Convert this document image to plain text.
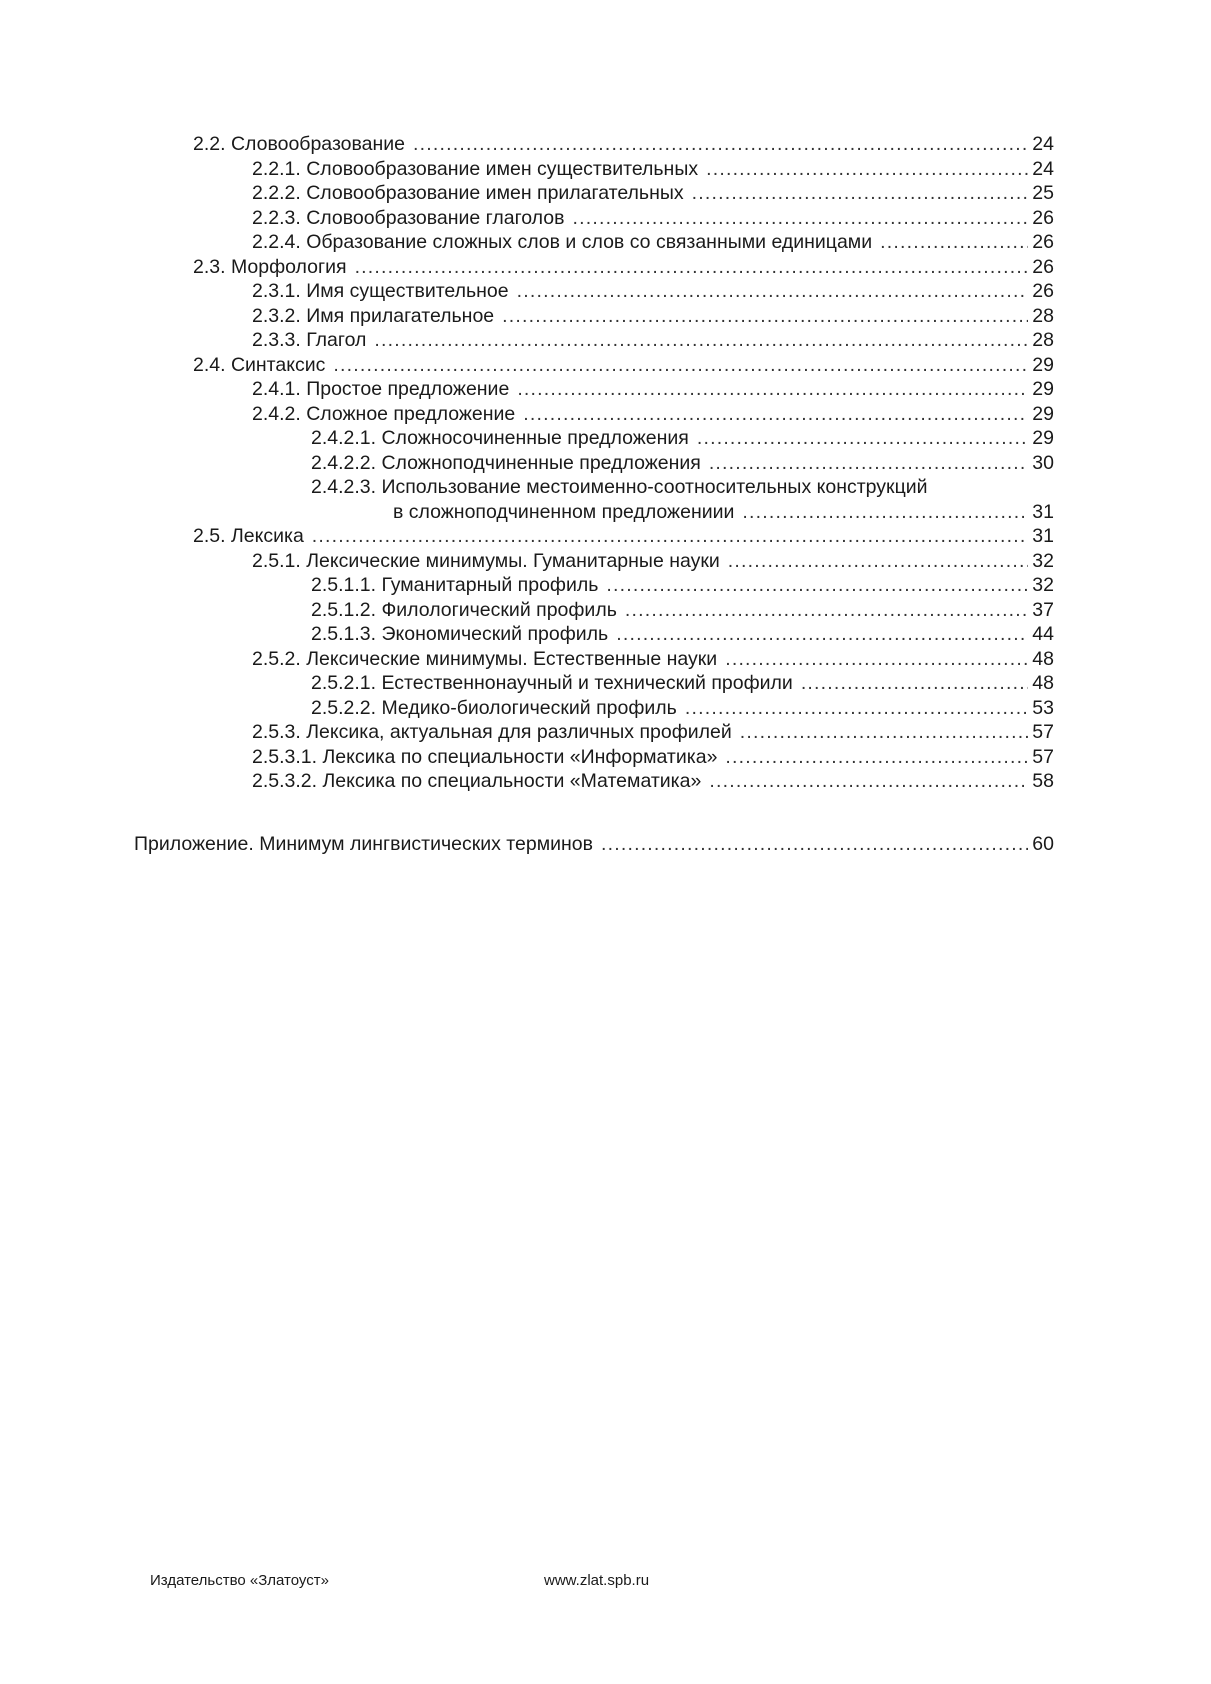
2.2. Словообразование .....	24
2.2.1. Словообразование имен существительных .....	24
2.2.2. Словообразование имен прилагательных .....	25
2.2.3. Словообразование глаголов .....	26
2.2.4. Образование сложных слов и слов со связанными единицами .....	26
2.3. Морфология .....	26
2.3.1. Имя существительное .....	26
2.3.2. Имя прилагательное .....	28
2.3.3. Глагол .....	28
2.4. Синтаксис .....	29
2.4.1. Простое предложение .....	29
2.4.2. Сложное предложение .....	29
2.4.2.1. Сложносочиненные предложения .....	29
2.4.2.2. Сложноподчиненные предложения .....	30
2.4.2.3. Использование местоименно-соотносительных конструкций
в сложноподчиненном предложениии .....	31
2.5. Лексика .....	31
2.5.1. Лексические минимумы. Гуманитарные науки .....	32
2.5.1.1. Гуманитарный профиль .....	32
2.5.1.2. Филологический профиль .....	37
2.5.1.3. Экономический профиль .....	44
2.5.2. Лексические минимумы. Естественные науки .....	48
2.5.2.1. Естественнонаучный и технический профили .....	48
2.5.2.2. Медико-биологический профиль .....	53
2.5.3. Лексика, актуальная для различных профилей .....	57
2.5.3.1. Лексика по специальности «Информатика» .....	57
2.5.3.2. Лексика по специальности «Математика» .....	58
Приложение. Минимум лингвистических терминов .....	60
Издательство «Златоуст»	www.zlat.spb.ru
